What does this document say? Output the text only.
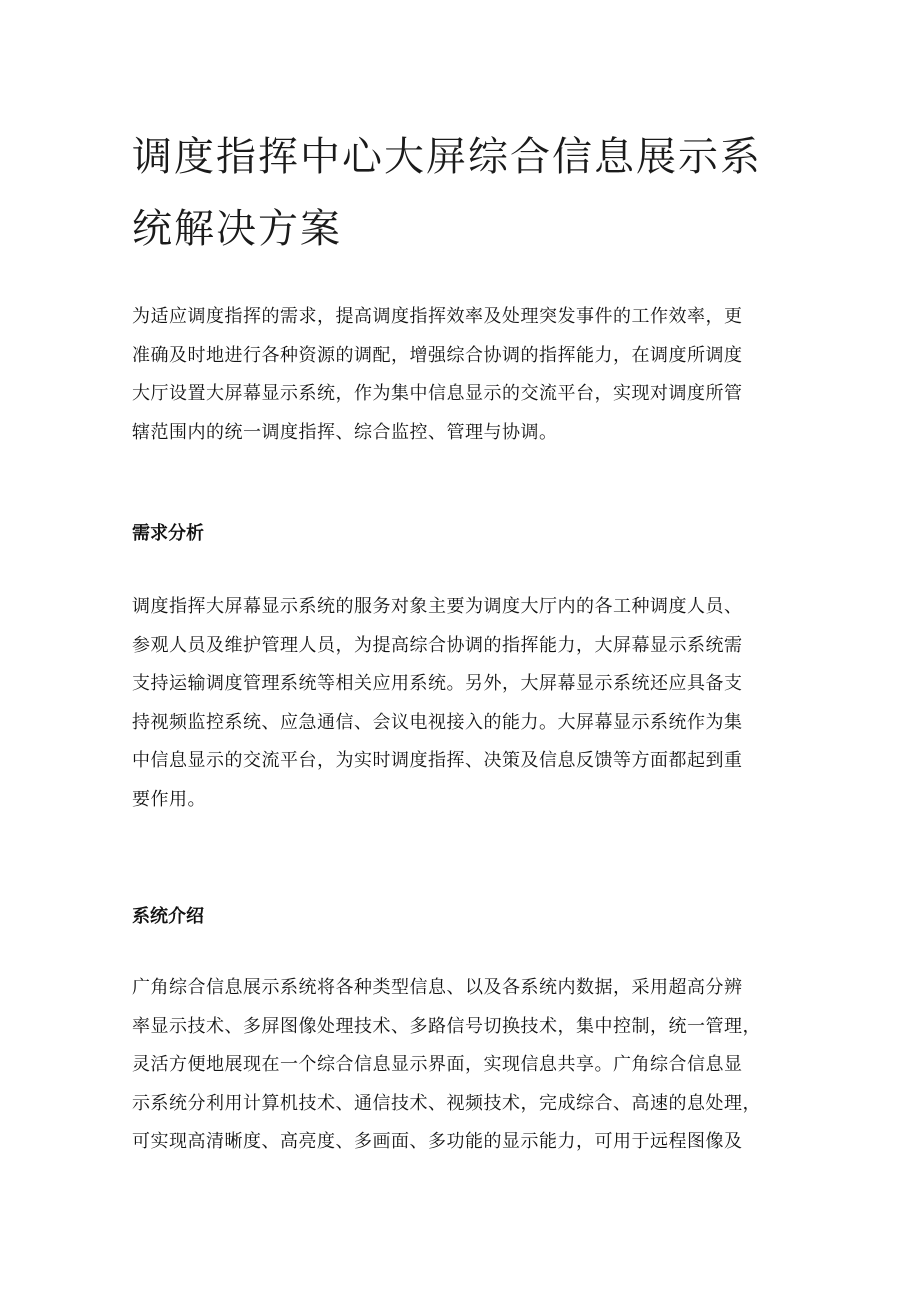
调度指挥中心大屏综合信息展示系
统解决方案

为适应调度指挥的需求，提高调度指挥效率及处理突发事件的工作效率，更
准确及时地进行各种资源的调配，增强综合协调的指挥能力，在调度所调度
大厅设置大屏幕显示系统，作为集中信息显示的交流平台，实现对调度所管
辖范围内的统一调度指挥、综合监控、管理与协调。

需求分析

调度指挥大屏幕显示系统的服务对象主要为调度大厅内的各工种调度人员、
参观人员及维护管理人员，为提高综合协调的指挥能力，大屏幕显示系统需
支持运输调度管理系统等相关应用系统。另外，大屏幕显示系统还应具备支
持视频监控系统、应急通信、会议电视接入的能力。大屏幕显示系统作为集
中信息显示的交流平台，为实时调度指挥、决策及信息反馈等方面都起到重
要作用。

系统介绍

广角综合信息展示系统将各种类型信息、以及各系统内数据，采用超高分辨
率显示技术、多屏图像处理技术、多路信号切换技术，集中控制，统一管理，
灵活方便地展现在一个综合信息显示界面，实现信息共享。广角综合信息显
示系统分利用计算机技术、通信技术、视频技术，完成综合、高速的息处理，
可实现高清晰度、高亮度、多画面、多功能的显示能力，可用于远程图像及
